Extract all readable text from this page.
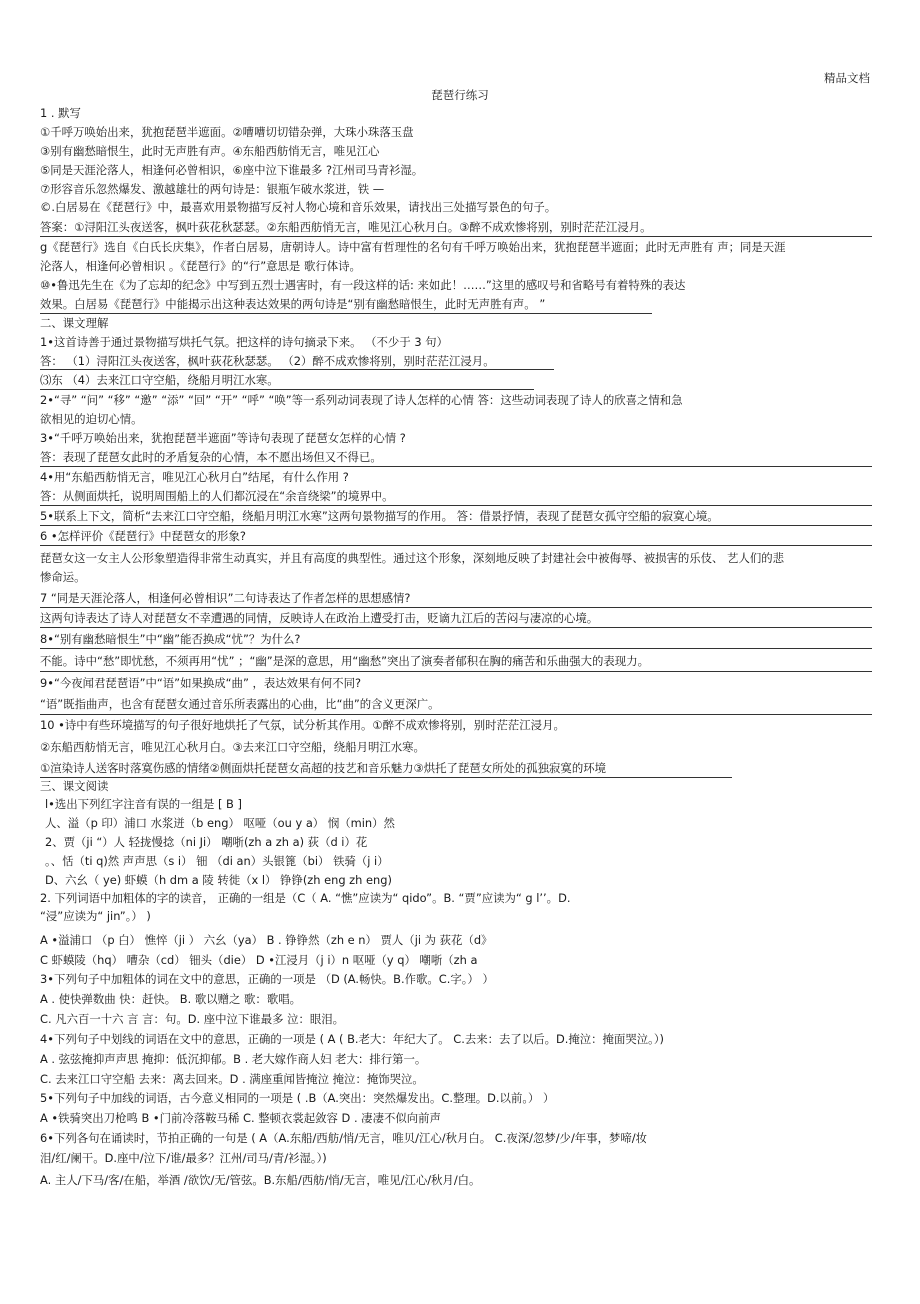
精品文档
琵琶行练习
1 . 默写
①千呼万唤始出来，犹抱琵琶半遮面。②嘈嘈切切错杂弹，大珠小珠落玉盘
③别有幽愁暗恨生，此时无声胜有声。④东船西舫悄无言，唯见江心
⑤同是天涯沦落人，相逢何必曾相识，⑥座中泣下谁最多 ?江州司马青衫湿。
⑦形容音乐忽然爆发、激越雄壮的两句诗是：银瓶乍破水浆迸，铁 —
©.白居易在《琵琶行》中，最喜欢用景物描写反衬人物心境和音乐效果，请找出三处描写景色的句子。
答案：①浔阳江头夜送客，枫叶荻花秋瑟瑟。②东船西舫悄无言，唯见江心秋月白。③醉不成欢惨将别，别时茫茫江浸月。
g《琵琶行》选自《白氏长庆集》，作者白居易，唐朝诗人。诗中富有哲理性的名句有千呼万唤始出来，犹抱琵琶半遮面；此时无声胜有 声；同是天涯
沦落人，相逢何必曾相识 。《琵琶行》的“行”意思是 歌行体诗。
⑩•鲁迅先生在《为了忘却的纪念》中写到五烈士遇害时，有一段这样的话: 来如此！……”这里的感叹号和省略号有着特殊的表达
效果。白居易《琵琶行》中能揭示出这种表达效果的两句诗是“别有幽愁暗恨生，此时无声胜有声。 ”
二、课文理解
1•这首诗善于通过景物描写烘托气氛。把这样的诗句摘录下来。 （不少于 3 句）
答： （1）浔阳江头夜送客，枫叶荻花秋瑟瑟。 （2）醉不成欢惨将别，别时茫茫江浸月。
⑶东 （4）去来江口守空船，绕船月明江水寒。
2•“寻” “问” “移” “邀” “添” “回” “开” “呼” “唤”等一系列动词表现了诗人怎样的心情 答：这些动词表现了诗人的欣喜之情和急
欲相见的迫切心情。
3•“千呼万唤始出来，犹抱琵琶半遮面”等诗句表现了琵琶女怎样的心情 ?
答：表现了琵琶女此时的矛盾复杂的心情，本不愿出场但又不得已。
4•用“东船西舫悄无言，唯见江心秋月白”结尾，有什么作用 ?
答：从侧面烘托，说明周围船上的人们都沉浸在“余音绕梁”的境界中。
5•联系上下文，简析“去来江口守空船，绕船月明江水寒”这两句景物描写的作用。 答：借景抒情，表现了琵琶女孤守空船的寂寞心境。
6 •怎样评价《琵琶行》中琵琶女的形象?
琵琶女这一女主人公形象塑造得非常生动真实，并且有高度的典型性。通过这个形象，深刻地反映了封建社会中被侮辱、被损害的乐伎、 艺人们的悲
惨命运。
7 “同是天涯沦落人，相逢何必曾相识”二句诗表达了作者怎样的思想感情?
这两句诗表达了诗人对琵琶女不幸遭遇的同情，反映诗人在政治上遭受打击，贬谪九江后的苦闷与凄凉的心境。
8•“别有幽愁暗恨生”中“幽”能否换成“忧”？为什么?
不能。诗中“愁”即忧愁，不须再用“忧” ；“幽”是深的意思，用“幽愁”突出了演奏者郁积在胸的痛苦和乐曲强大的表现力。
9•“今夜闻君琵琶语”中“语”如果换成“曲” ，表达效果有何不同?
“语”既指曲声，也含有琵琶女通过音乐所表露出的心曲，比“曲”的含义更深广。
10 •诗中有些环境描写的句子很好地烘托了气氛，试分析其作用。①醉不成欢惨将别，别时茫茫江浸月。
②东船西舫悄无言，唯见江心秋月白。③去来江口守空船，绕船月明江水寒。
①渲染诗人送客时落寞伤感的情绪②侧面烘托琵琶女高超的技艺和音乐魅力③烘托了琵琶女所处的孤独寂寞的环境
三、课文阅读
l•选出下列红字注音有误的一组是 [ B ]
人、溢（p 印）浦口 水浆迸（b eng） 呕哑（ou y a） 悯（min）然
2、贾（ji “）人 轻拢慢捻（ni Ji） 嘲哳(zh a zh a) 荻（d i）花
。、恬（ti q)然 声声思（s i） 钿 （di an）头银篦（bi） 铁骑（j i）
D、六幺（ ye) 虾蟆（h dm a 陵 转徙（x l） 铮铮(zh eng zh eng)
2. 下列词语中加粗体的字的读音， 正确的一组是（C（ A. “憔”应读为“ qido”。B. “贾”应读为“ g l’’。D.
“浸”应读为“ jin”。） )
A •溢浦口 （p 白） 憔悴（ji ） 六幺（ya） B . 铮铮然（zh e n） 贾人（ji 为 荻花（d》
C 虾蟆陵（hq） 嘈杂（cd） 钿头（die） D •江浸月（j i）n 呕哑（y q） 嘲哳（zh a
3•下列句子中加粗体的词在文中的意思，正确的一项是 （D (A.畅快。B.作歌。C.字。） ）
A . 使快弹数曲 快：赶快。 B. 歌以赠之 歌：歌唱。
C. 凡六百一十六 言 言：句。D. 座中泣下谁最多 泣：眼泪。
4•下列句子中划线的词语在文中的意思，正确的一项是 ( A ( B.老大：年纪大了。 C.去来：去了以后。D.掩泣：掩面哭泣。）)
A . 弦弦掩抑声声思 掩抑：低沉抑郁。B . 老大嫁作商人妇 老大：排行第一。
C. 去来江口守空船 去来：离去回来。D . 满座重闻皆掩泣 掩泣：掩饰哭泣。
5•下列句子中加线的词语，古今意义相同的一项是 ( .B（A.突出：突然爆发出。C.整理。D.以前。） ）
A •铁骑突出刀枪鸣 B •门前冷落鞍马稀 C. 整顿衣裳起敛容 D . 凄凄不似向前声
6•下列各句在诵读时，节拍正确的一句是 ( A（A.东船/西舫/悄/无言，唯贝/江心/秋月白。 C.夜深/忽梦/少/年事，梦啼/妆
泪/红/阑干。D.座中/泣下/谁/最多？江州/司马/青/衫湿。）)
A. 主人/下马/客/在船，举酒 /欲饮/无/管弦。B.东船/西舫/悄/无言，唯见/江心/秋月/白。
